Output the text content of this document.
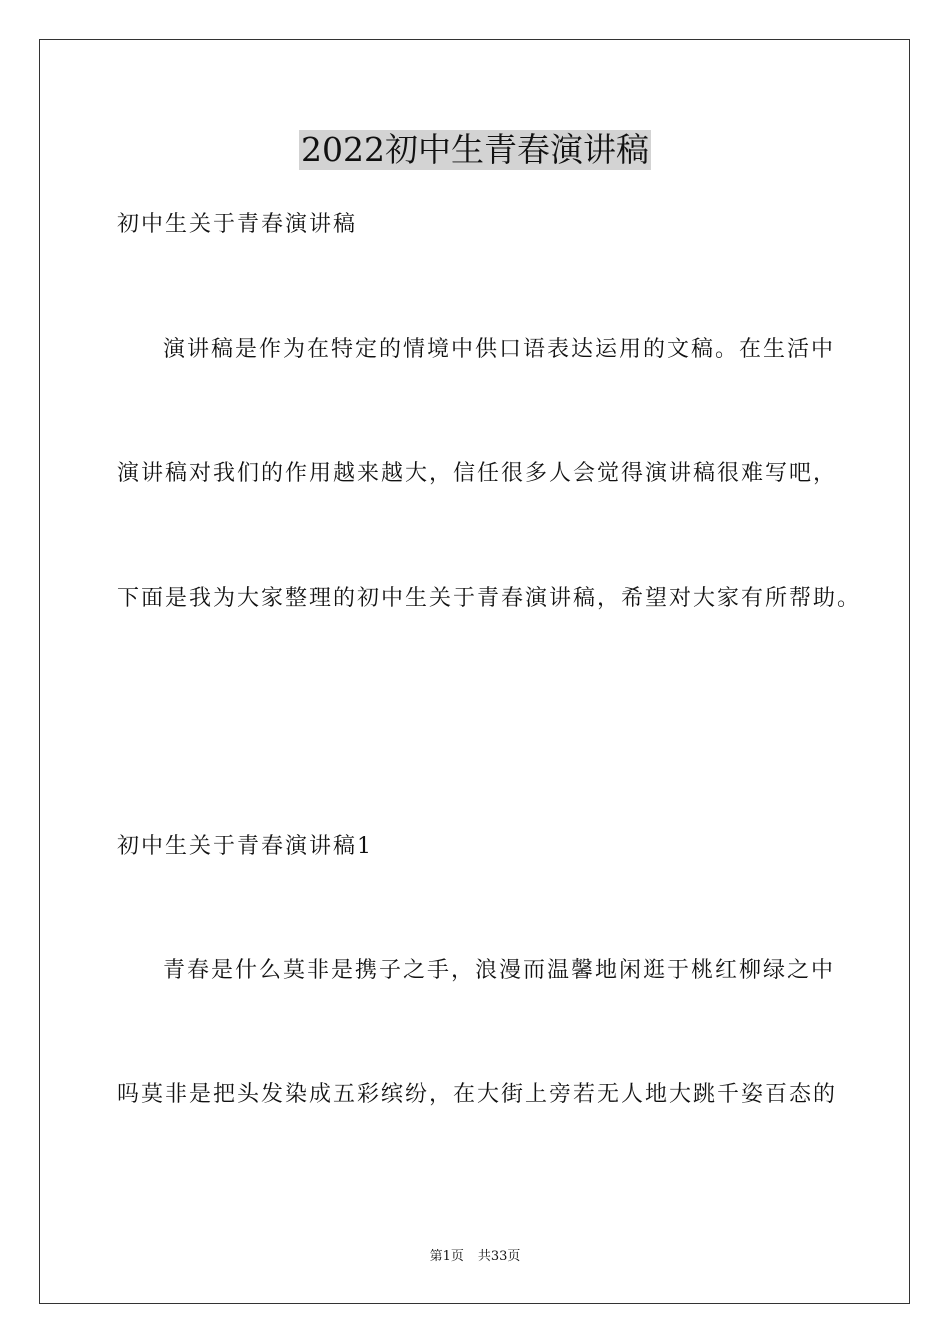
2022初中生青春演讲稿
初中生关于青春演讲稿
演讲稿是作为在特定的情境中供口语表达运用的文稿。在生活中
演讲稿对我们的作用越来越大，信任很多人会觉得演讲稿很难写吧，
下面是我为大家整理的初中生关于青春演讲稿，希望对大家有所帮助。
初中生关于青春演讲稿1
青春是什么莫非是携子之手，浪漫而温馨地闲逛于桃红柳绿之中
吗莫非是把头发染成五彩缤纷，在大街上旁若无人地大跳千姿百态的
第1页 共33页
